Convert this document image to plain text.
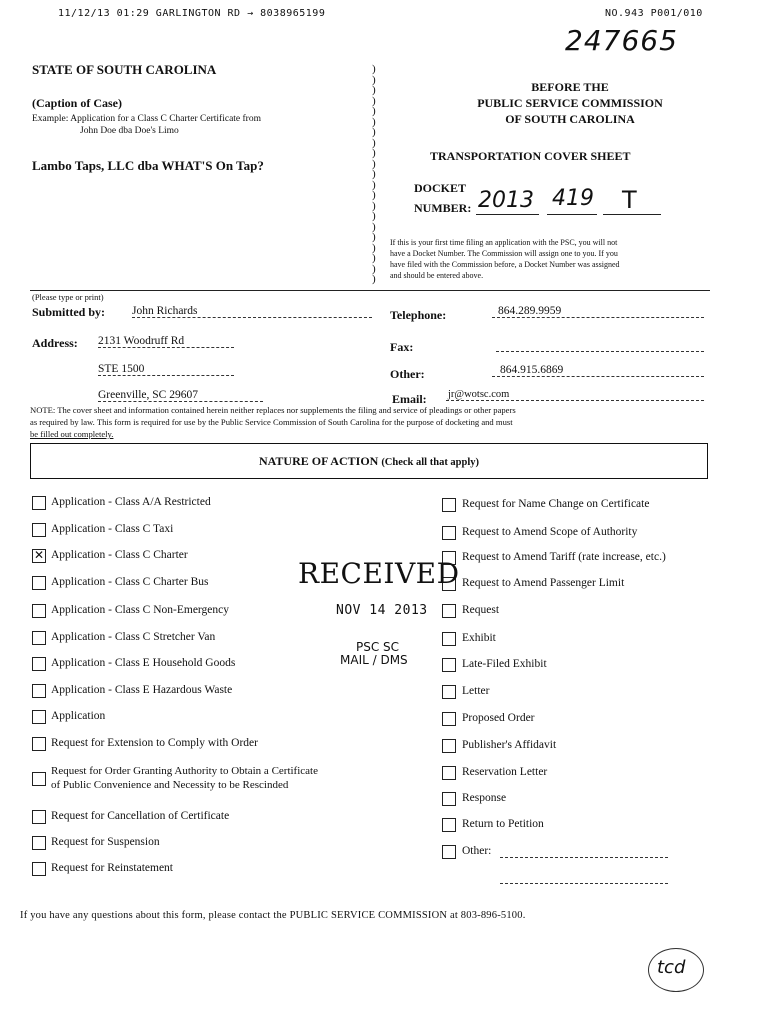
11/12/13 01:29 GARLINGTON RD → 8038965199	NO.943 P001/010
247665
STATE OF SOUTH CAROLINA
(Caption of Case)
Example: Application for a Class C Charter Certificate from
John Doe dba Doe's Limo
Lambo Taps, LLC dba WHAT'S On Tap?
)
)
)
)
)
)
)
)
)
)
)
)
)
)
)
)
)
)
)
)
)
BEFORE THE
PUBLIC SERVICE COMMISSION
OF SOUTH CAROLINA
TRANSPORTATION COVER SHEET
DOCKET
NUMBER: 2013 419 T
If this is your first time filing an application with the PSC, you will not
have a Docket Number. The Commission will assign one to you. If you
have filed with the Commission before, a Docket Number was assigned
and should be entered above.
(Please type or print)
Submitted by: John Richards	Telephone:	864.289.9959
Address: 2131 Woodruff Rd
STE 1500
Greenville, SC 29607
Fax:
Other:	864.915.6869
Email: jr@wotsc.com
NOTE: The cover sheet and information contained herein neither replaces nor supplements the filing and service of pleadings or other papers
as required by law. This form is required for use by the Public Service Commission of South Carolina for the purpose of docketing and must
be filled out completely.
NATURE OF ACTION (Check all that apply)
Application - Class A/A Restricted
Application - Class C Taxi
✕ Application - Class C Charter
Application - Class C Charter Bus
Application - Class C Non-Emergency
Application - Class C Stretcher Van
Application - Class E Household Goods
Application - Class E Hazardous Waste
Application
Request for Extension to Comply with Order
Request for Order Granting Authority to Obtain a Certificate
of Public Convenience and Necessity to be Rescinded
Request for Cancellation of Certificate
Request for Suspension
Request for Reinstatement
Request for Name Change on Certificate
Request to Amend Scope of Authority
Request to Amend Tariff (rate increase, etc.)
Request to Amend Passenger Limit
Request
Exhibit
Late-Filed Exhibit
Letter
Proposed Order
Publisher's Affidavit
Reservation Letter
Response
Return to Petition
Other:
RECEIVED
NOV 14 2013
PSC SC
MAIL / DMS
If you have any questions about this form, please contact the PUBLIC SERVICE COMMISSION at 803-896-5100.
tcd
